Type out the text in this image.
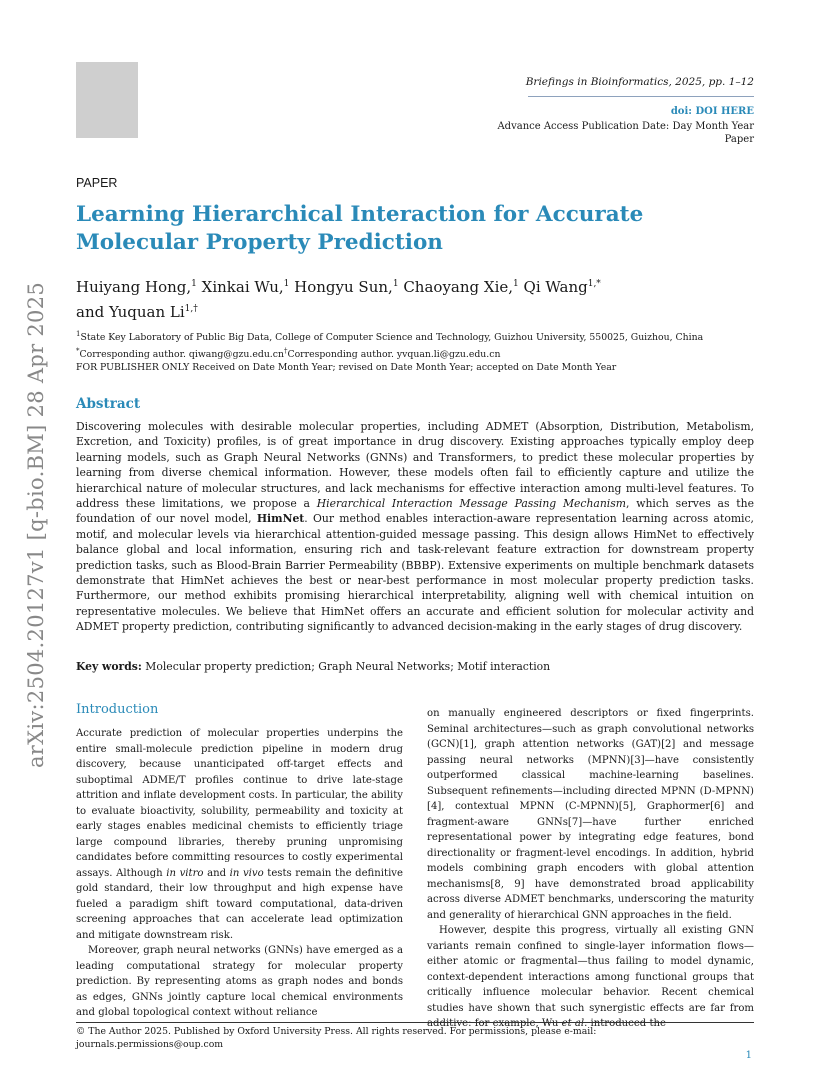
Briefings in Bioinformatics, 2025, pp. 1–12
doi: DOI HERE
Advance Access Publication Date: Day Month Year
Paper
arXiv:2504.20127v1 [q-bio.BM] 28 Apr 2025
PAPER
Learning Hierarchical Interaction for Accurate
Molecular Property Prediction
Huiyang Hong,$^1$ Xinkai Wu,$^1$ Hongyu Sun,$^1$ Chaoyang Xie,$^1$ Qi Wang$^{1,*}$
and Yuquan $Li^{1,\dagger}$
$^1$State Key Laboratory of Public Big Data, College of Computer Science and Technology, Guizhou University, 550025, Guizhou, China
*Corresponding author. qiwang@gzu.edu.cn†Corresponding author. yvquan.li@gzu.edu.cn
FOR PUBLISHER ONLY Received on Date Month Year; revised on Date Month Year; accepted on Date Month Year
Abstract
Discovering molecules with desirable molecular properties, including ADMET (Absorption, Distribution, Metabolism, Excretion, and Toxicity) profiles, is of great importance in drug discovery. Existing approaches typically employ deep learning models, such as Graph Neural Networks (GNNs) and Transformers, to predict these molecular properties by learning from diverse chemical information. However, these models often fail to efficiently capture and utilize the hierarchical nature of molecular structures, and lack mechanisms for effective interaction among multi-level features. To address these limitations, we propose a Hierarchical Interaction Message Passing Mechanism, which serves as the foundation of our novel model, HimNet. Our method enables interaction-aware representation learning across atomic, motif, and molecular levels via hierarchical attention-guided message passing. This design allows HimNet to effectively balance global and local information, ensuring rich and task-relevant feature extraction for downstream property prediction tasks, such as Blood-Brain Barrier Permeability (BBBP). Extensive experiments on multiple benchmark datasets demonstrate that HimNet achieves the best or near-best performance in most molecular property prediction tasks. Furthermore, our method exhibits promising hierarchical interpretability, aligning well with chemical intuition on representative molecules. We believe that HimNet offers an accurate and efficient solution for molecular activity and ADMET property prediction, contributing significantly to advanced decision-making in the early stages of drug discovery.
Key words: Molecular property prediction; Graph Neural Networks; Motif interaction
Introduction

Accurate prediction of molecular properties underpins the entire small-molecule prediction pipeline in modern drug discovery, because unanticipated off-target effects and suboptimal ADME/T profiles continue to drive late-stage attrition and inflate development costs. In particular, the ability to evaluate bioactivity, solubility, permeability and toxicity at early stages enables medicinal chemists to efficiently triage large compound libraries, thereby pruning unpromising candidates before committing resources to costly experimental assays. Although in vitro and in vivo tests remain the definitive gold standard, their low throughput and high expense have fueled a paradigm shift toward computational, data-driven screening approaches that can accelerate lead optimization and mitigate downstream risk.

Moreover, graph neural networks (GNNs) have emerged as a leading computational strategy for molecular property prediction. By representing atoms as graph nodes and bonds as edges, GNNs jointly capture local chemical environments and global topological context without reliance

on manually engineered descriptors or fixed fingerprints. Seminal architectures—such as graph convolutional networks (GCN)[1], graph attention networks (GAT)[2] and message passing neural networks (MPNN)[3]—have consistently outperformed classical machine-learning baselines. Subsequent refinements—including directed MPNN (D-MPNN)[4], contextual MPNN (C-MPNN)[5], Graphormer[6] and fragment-aware GNNs[7]—have further enriched representational power by integrating edge features, bond directionality or fragment-level encodings. In addition, hybrid models combining graph encoders with global attention mechanisms[8, 9] have demonstrated broad applicability across diverse ADMET benchmarks, underscoring the maturity and generality of hierarchical GNN approaches in the field.

However, despite this progress, virtually all existing GNN variants remain confined to single-layer information flows—either atomic or fragmental—thus failing to model dynamic, context-dependent interactions among functional groups that critically influence molecular behavior. Recent chemical studies have shown that such synergistic effects are far from additive: for example, Wu et al. introduced the

© The Author 2025. Published by Oxford University Press. All rights reserved. For permissions, please e-mail:
journals.permissions@oup.com
1
